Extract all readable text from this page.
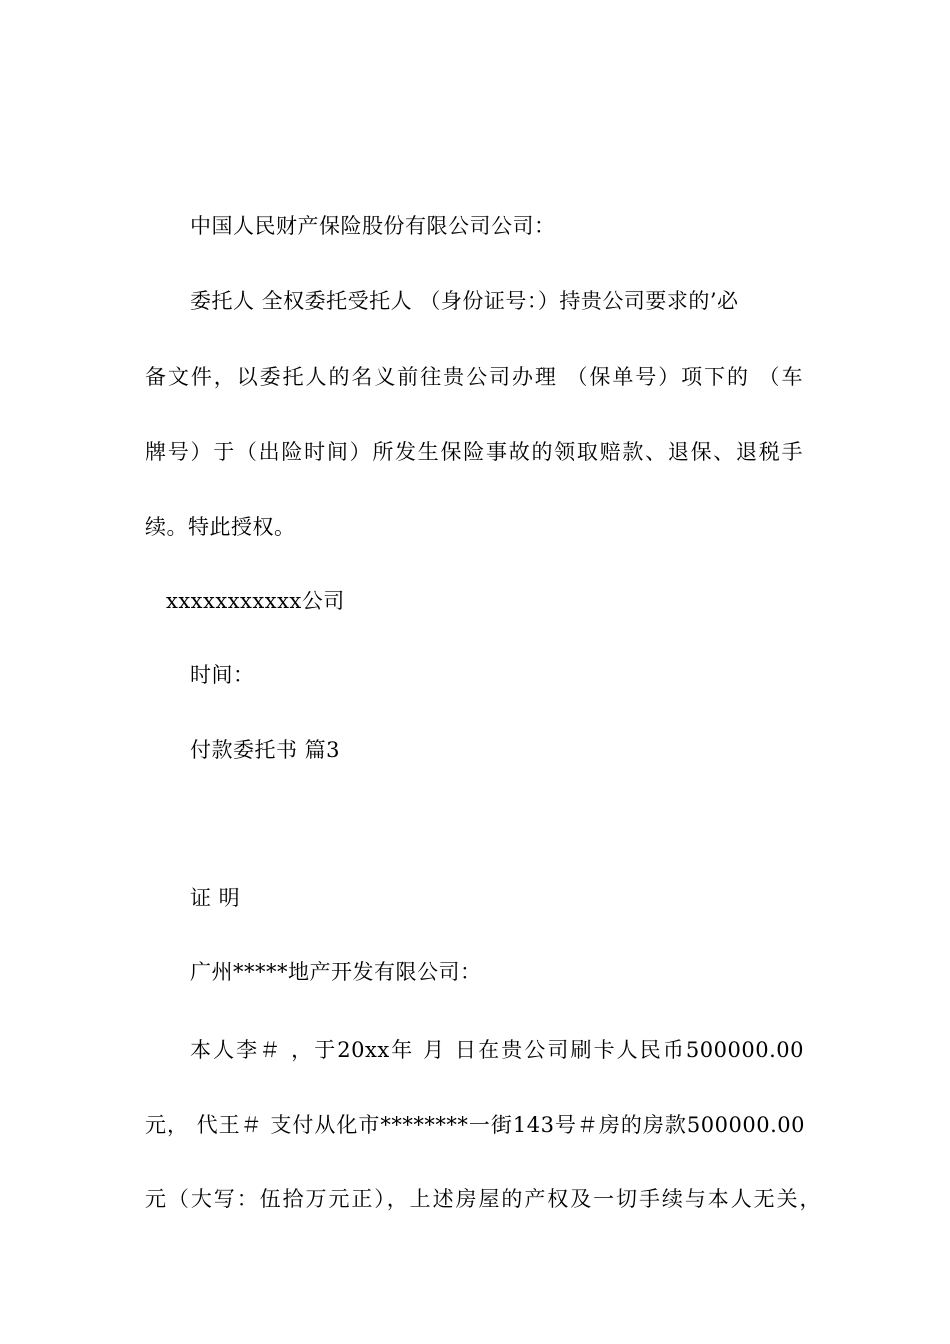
中国人民财产保险股份有限公司公司：
委托人 全权委托受托人 （身份证号：）持贵公司要求的’必
备文件，以委托人的名义前往贵公司办理 （保单号）项下的 （车
牌号）于（出险时间）所发生保险事故的领取赔款、退保、退税手
续。特此授权。
xxxxxxxxxxx公司
时间：
付款委托书 篇3
证 明
广州*****地产开发有限公司：
本人李＃ ，于20xx年 月 日在贵公司刷卡人民币500000.00
元， 代王＃ 支付从化市********一街143号＃房的房款500000.00
元（大写：伍拾万元正），上述房屋的产权及一切手续与本人无关，
